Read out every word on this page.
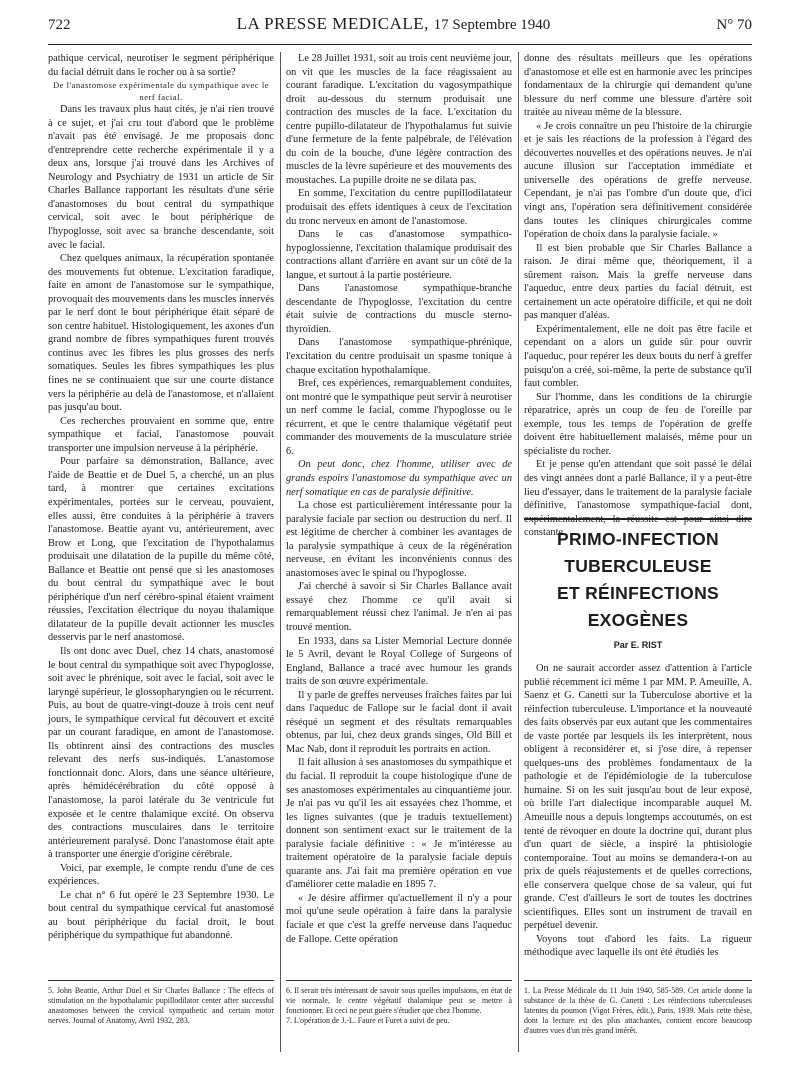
722	LA PRESSE MEDICALE, 17 Septembre 1940	N° 70

pathique cervical, neurotiser le segment périphérique du facial détruit dans le rocher ou à sa sortie?

De l'anastomose expérimentale du sympathique avec le nerf facial.

Dans les travaux plus haut cités, je n'ai rien trouvé à ce sujet, et j'ai cru tout d'abord que le problème n'avait pas été envisagé. Je me proposais donc d'entreprendre cette recherche expérimentale il y a deux ans, lorsque j'ai trouvé dans les Archives of Neurology and Psychiatry de 1931 un article de Sir Charles Ballance rapportant les résultats d'une série d'anastomoses du bout central du sympathique cervical, soit avec le bout périphérique de l'hypoglosse, soit avec sa branche descendante, soit avec le facial.

Chez quelques animaux, la récupération spontanée des mouvements fut obtenue. L'excitation faradique, faite en amont de l'anastomose sur le sympathique, provoquait des mouvements dans les muscles innervés par le nerf dont le bout périphérique était séparé de son centre habituel. Histologiquement, les axones d'un grand nombre de fibres sympathiques furent trouvés continus avec les fibres les plus grosses des nerfs somatiques. Seules les fibres sympathiques les plus fines ne se continuaient que sur une courte distance vers la périphérie au delà de l'anastomose, et n'allaient pas jusqu'au bout.

Ces recherches prouvaient en somme que, entre sympathique et facial, l'anastomose pouvait transporter une impulsion nerveuse à la périphérie.

Pour parfaire sa démonstration, Ballance, avec l'aide de Beattie et de Duel 5, a cherché, un an plus tard, à montrer que certaines excitations expérimentales, portées sur le cerveau, pouvaient, elles aussi, être conduites à la périphérie à travers l'anastomose. Beattie ayant vu, antérieurement, avec Brow et Long, que l'excitation de l'hypothalamus produisait une dilatation de la pupille du même côté, Ballance et Beattie ont pensé que si les anastomoses du bout central du sympathique avec le bout périphérique d'un nerf cérébro-spinal étaient vraiment réussies, l'excitation électrique du noyau thalamique dilatateur de la pupille devait actionner les muscles desservis par le nerf anastomosé.

Ils ont donc avec Duel, chez 14 chats, anastomosé le bout central du sympathique soit avec l'hypoglosse, soit avec le phrénique, soit avec le facial, soit avec le laryngé supérieur, le glossopharyngien ou le récurrent. Puis, au bout de quatre-vingt-douze à trois cent neuf jours, le sympathique cervical fut découvert et excité par un courant faradique, en amont de l'anastomose. Ils obtinrent ainsi des contractions des muscles relevant des nerfs sus-indiqués. L'anastomose fonctionnait donc. Alors, dans une séance ultérieure, après hémidécérébration du côté opposé à l'anastomose, la paroi latérale du 3e ventricule fut exposée et le centre thalamique excité. On observa des contractions musculaires dans le territoire antérieurement paralysé. Donc l'anastomose était apte à transporter une énergie d'origine cérébrale.

Voici, par exemple, le compte rendu d'une de ces expériences.

Le chat n° 6 fut opéré le 23 Septembre 1930. Le bout central du sympathique cervical fut anastomosé au bout périphérique du facial droit, le bout périphérique du sympathique fut abandonné.

Le 28 Juillet 1931, soit au trois cent neuvième jour, on vit que les muscles de la face réagissaient au courant faradique. L'excitation du vagosympathique droit au-dessous du sternum produisait une contraction des muscles de la face. L'excitation du centre pupillo-dilatateur de l'hypothalamus fut suivie d'une fermeture de la fente palpébrale, de l'élévation du coin de la bouche, d'une légère contraction des muscles de la lèvre supérieure et des mouvements des moustaches. La pupille droite ne se dilata pas.

En somme, l'excitation du centre pupillodilatateur produisait des effets identiques à ceux de l'excitation du tronc nerveux en amont de l'anastomose.

Dans le cas d'anastomose sympathico-hypoglossienne, l'excitation thalamique produisait des contractions allant d'arrière en avant sur un côté de la langue, et surtout à la partie postérieure.

Dans l'anastomose sympathique-branche descendante de l'hypoglosse, l'excitation du centre était suivie de contractions du muscle sterno-thyroïdien.

Dans l'anastomose sympathique-phrénique, l'excitation du centre produisait un spasme tonique à chaque excitation hypothalamique.

Bref, ces expériences, remarquablement conduites, ont montré que le sympathique peut servir à neurotiser un nerf comme le facial, comme l'hypoglosse ou le récurrent, et que le centre thalamique végétatif peut commander des mouvements de la musculature striée 6.

On peut donc, chez l'homme, utiliser avec de grands espoirs l'anastomose du sympathique avec un nerf somatique en cas de paralysie définitive.

La chose est particulièrement intéressante pour la paralysie faciale par section ou destruction du nerf. Il est légitime de chercher à combiner les avantages de la paralysie sympathique à ceux de la régénération nerveuse, en évitant les inconvénients connus des anastomoses avec le spinal ou l'hypoglosse.

J'ai cherché à savoir si Sir Charles Ballance avait essayé chez l'homme ce qu'il avait si remarquablement réussi chez l'animal. Je n'en ai pas trouvé mention.

En 1933, dans sa Lister Memorial Lecture donnée le 5 Avril, devant le Royal College of Surgeons of England, Ballance a tracé avec humour les grands traits de son œuvre expérimentale.

Il y parle de greffes nerveuses fraîches faites par lui dans l'aqueduc de Fallope sur le facial dont il avait réséqué un segment et des résultats remarquables obtenus, par lui, chez deux grands singes, Old Bill et Mac Nab, dont il reproduit les portraits en action.

Il fait allusion à ses anastomoses du sympathique et du facial. Il reproduit la coupe histologique d'une de ses anastomoses expérimentales au cinquantième jour. Je n'ai pas vu qu'il les ait essayées chez l'homme, et les lignes suivantes (que je traduis textuellement) donnent son sentiment exact sur le traitement de la paralysie faciale définitive : « Je m'intéresse au traitement opératoire de la paralysie faciale depuis quarante ans. J'ai fait ma première opération en vue d'améliorer cette maladie en 1895 7.

« Je désire affirmer qu'actuellement il n'y a pour moi qu'une seule opération à faire dans la paralysie faciale et que c'est la greffe nerveuse dans l'aqueduc de Fallope. Cette opération

donne des résultats meilleurs que les opérations d'anastomose et elle est en harmonie avec les principes fondamentaux de la chirurgie qui demandent qu'une blessure du nerf comme une blessure d'artère soit traitée au niveau même de la blessure.

« Je crois connaître un peu l'histoire de la chirurgie et je sais les réactions de la profession à l'égard des découvertes nouvelles et des opérations neuves. Je n'ai aucune illusion sur l'acceptation immédiate et universelle des opérations de greffe nerveuse. Cependant, je n'ai pas l'ombre d'un doute que, d'ici vingt ans, l'opération sera définitivement considérée dans toutes les cliniques chirurgicales comme l'opération de choix dans la paralysie faciale. »

Il est bien probable que Sir Charles Ballance a raison. Je dirai même que, théoriquement, il a sûrement raison. Mais la greffe nerveuse dans l'aqueduc, entre deux parties du facial détruit, est certainement un acte opératoire difficile, et qui ne doit pas manquer d'aléas.

Expérimentalement, elle ne doit pas être facile et cependant on a alors un guide sûr pour ouvrir l'aqueduc, pour repérer les deux bouts du nerf à greffer puisqu'on a créé, soi-même, la perte de substance qu'il faut combler.

Sur l'homme, dans les conditions de la chirurgie réparatrice, après un coup de feu de l'oreille par exemple, tous les temps de l'opération de greffe doivent être habituellement malaisés, même pour un spécialiste du rocher.

Et je pense qu'en attendant que soit passé le délai des vingt années dont a parlé Ballance, il y a peut-être lieu d'essayer, dans le traitement de la paralysie faciale définitive, l'anastomose sympathique-facial dont, expérimentalement, la réussite est pour ainsi dire constante.

PRIMO-INFECTION
TUBERCULEUSE
ET RÉINFECTIONS EXOGÈNES
Par E. RIST

On ne saurait accorder assez d'attention à l'article publié récemment ici même 1 par MM. P. Ameuille, A. Saenz et G. Canetti sur la Tuberculose abortive et la réinfection tuberculeuse. L'importance et la nouveauté des faits observés par eux autant que les commentaires de vaste portée par lesquels ils les interprètent, nous obligent à reconsidérer et, si j'ose dire, à repenser quelques-uns des problèmes fondamentaux de la pathologie et de l'épidémiologie de la tuberculose humaine. Si on les suit jusqu'au bout de leur exposé, où brille l'art dialectique incomparable auquel M. Ameuille nous a depuis longtemps accoutumés, on est tenté de révoquer en doute la doctrine qui, durant plus d'un quart de siècle, a inspiré la phtisiologie contemporaine. Tout au moins se demandera-t-on au prix de quels réajustements et de quelles corrections, elle conservera quelque chose de sa valeur, qui fut grande. C'est d'ailleurs le sort de toutes les doctrines scientifiques. Elles sont un instrument de travail en perpétuel devenir.

Voyons tout d'abord les faits. La rigueur méthodique avec laquelle ils ont été étudiés les

5. John Beattie, Arthur Duel et Sir Charles Ballance : The effects of stimulation on the hypothalamic pupillodilator center after successful anastomoses between the cervical sympathetic and certain motor nerves. Journal of Anatomy, Avril 1932, 283.

6. Il serait très intéressant de savoir sous quelles impulsions, en état de vie normale, le centre végétatif thalamique peut se mettre à fonctionner. Et ceci ne peut guère s'étudier que chez l'homme.

7. L'opération de J.-L. Faure et Furet a suivi de peu.

1. La Presse Médicale du 11 Juin 1940, 585-589. Cet article donne la substance de la thèse de G. Canetti : Les réinfections tuberculeuses latentes du poumon (Vigot Frères, édit.), Paris, 1939. Mais cette thèse, dont la lecture est des plus attachantes, contient encore beaucoup d'autres vues d'un très grand intérêt.
